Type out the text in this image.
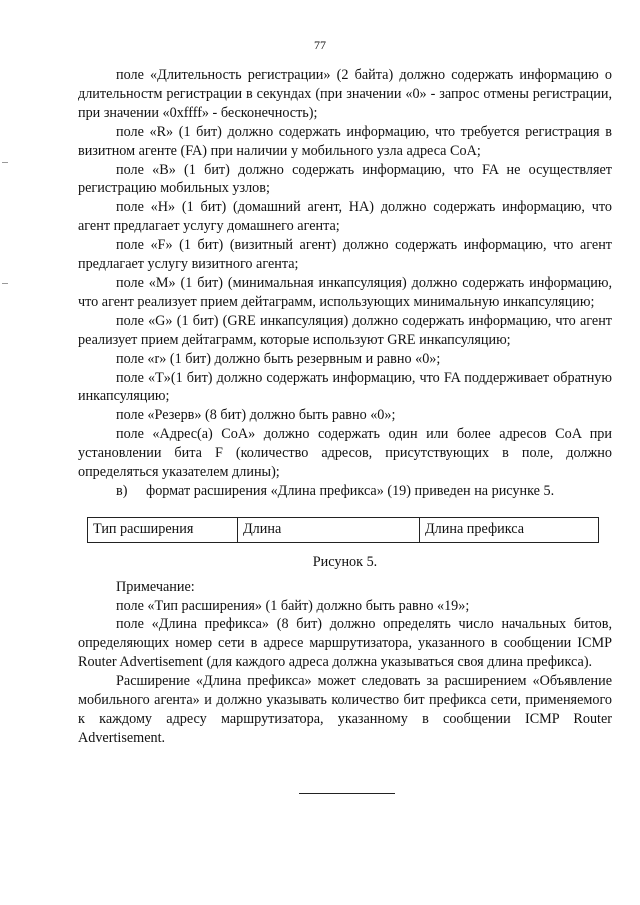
77

поле «Длительность регистрации» (2 байта) должно содержать информацию о длительностм регистрации в секундах (при значении «0» - запрос отмены регистрации, при значении «0xffff» - бесконечность);

поле «R» (1 бит) должно содержать информацию, что требуется регистрация в визитном агенте (FA) при наличии у мобильного узла адреса CoA;

поле «B» (1 бит) должно содержать информацию, что FA не осуществляет регистрацию мобильных узлов;

поле «H» (1 бит) (домашний агент, HA) должно содержать информацию, что агент предлагает услугу домашнего агента;

поле «F» (1 бит) (визитный агент) должно содержать информацию, что агент предлагает услугу визитного агента;

поле «M» (1 бит) (минимальная инкапсуляция) должно содержать информацию, что агент реализует прием дейтаграмм, использующих минимальную инкапсуляцию;

поле «G» (1 бит) (GRE инкапсуляция) должно содержать информацию, что агент реализует прием дейтаграмм, которые используют GRE инкапсуляцию;

поле «r» (1 бит) должно быть резервным и равно «0»;

поле «T»(1 бит) должно содержать информацию, что FA поддерживает обратную инкапсуляцию;

поле «Резерв» (8 бит) должно быть равно «0»;

поле «Адрес(а) CoA» должно содержать один или более адресов CoA при установлении бита F (количество адресов, присутствующих в поле, должно определяться указателем длины);

в) формат расширения «Длина префикса» (19) приведен на рисунке 5.

Тип расширения	Длина	Длина префикса

Рисунок 5.

Примечание:

поле «Тип расширения» (1 байт) должно быть равно «19»;

поле «Длина префикса» (8 бит) должно определять число начальных битов, определяющих номер сети в адресе маршрутизатора, указанного в сообщении ICMP Router Advertisement (для каждого адреса должна указываться своя длина префикса).

Расширение «Длина префикса» может следовать за расширением «Объявление мобильного агента» и должно указывать количество бит префикса сети, применяемого к каждому адресу маршрутизатора, указанному в сообщении ICMP Router Advertisement.
